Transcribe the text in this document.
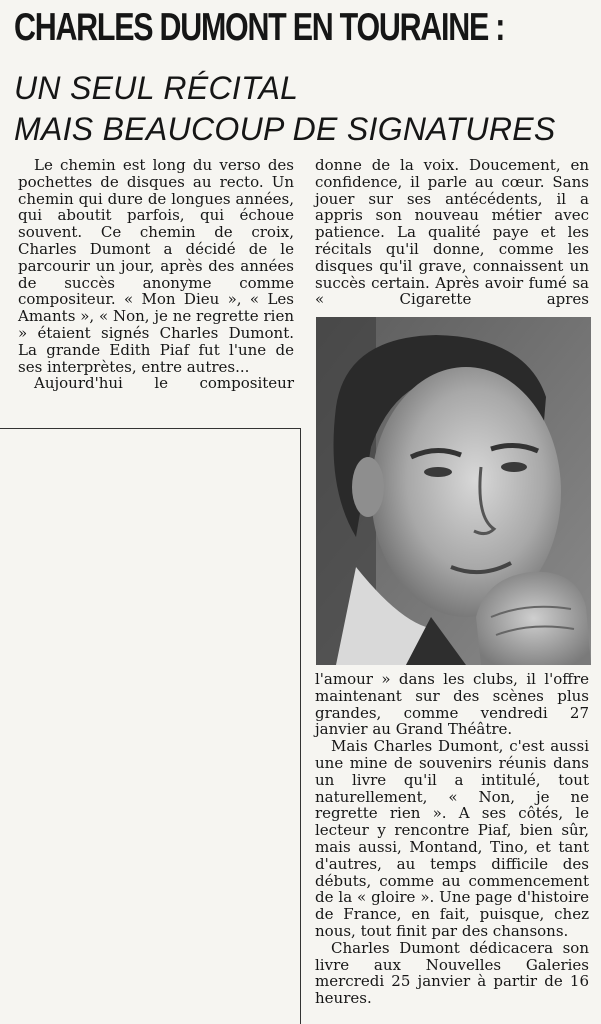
CHARLES DUMONT EN TOURAINE :
UN SEUL RÉCITAL
MAIS BEAUCOUP DE SIGNATURES

Le chemin est long du verso des pochettes de disques au recto. Un chemin qui dure de longues années, qui aboutit parfois, qui échoue souvent. Ce chemin de croix, Charles Dumont a décidé de le parcourir un jour, après des années de succès anonyme comme compositeur. « Mon Dieu », « Les Amants », « Non, je ne regrette rien » étaient signés Charles Dumont. La grande Edith Piaf fut l'une de ses interprètes, entre autres...

Aujourd'hui le compositeur

donne de la voix. Doucement, en confidence, il parle au cœur. Sans jouer sur ses antécédents, il a appris son nouveau métier avec patience. La qualité paye et les récitals qu'il donne, comme les disques qu'il grave, connaissent un succès certain. Après avoir fumé sa « Cigarette apres

l'amour » dans les clubs, il l'offre maintenant sur des scènes plus grandes, comme vendredi 27 janvier au Grand Théâtre.

Mais Charles Dumont, c'est aussi une mine de souvenirs réunis dans un livre qu'il a intitulé, tout naturellement, « Non, je ne regrette rien ». A ses côtés, le lecteur y rencontre Piaf, bien sûr, mais aussi, Montand, Tino, et tant d'autres, au temps difficile des débuts, comme au commencement de la « gloire ». Une page d'histoire de France, en fait, puisque, chez nous, tout finit par des chansons.

Charles Dumont dédicacera son livre aux Nouvelles Galeries mercredi 25 janvier à partir de 16 heures.
